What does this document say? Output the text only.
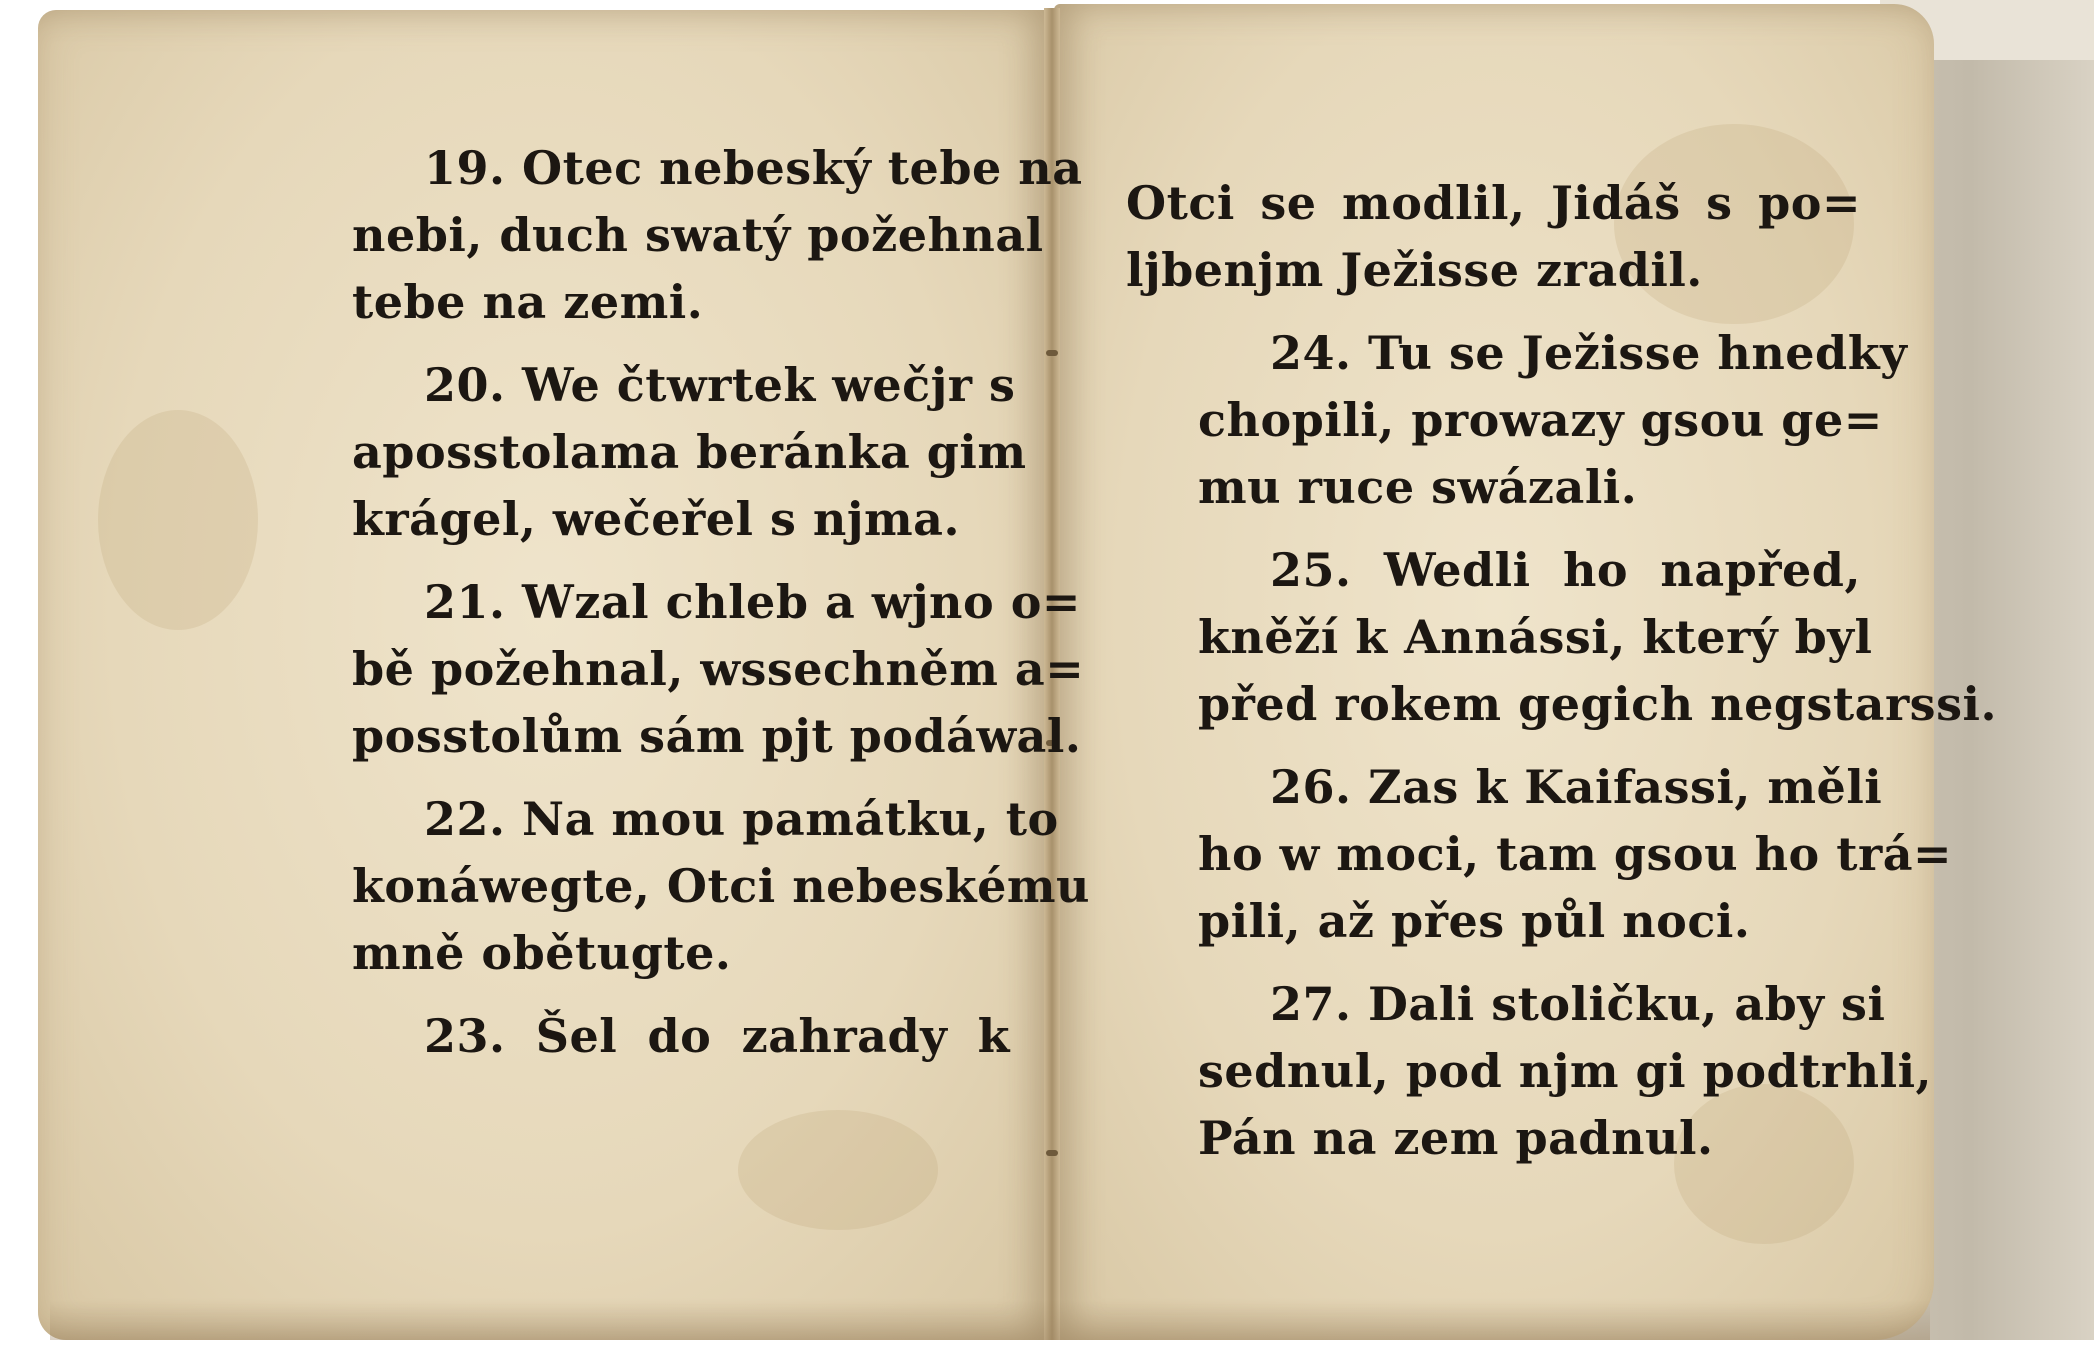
19. Otec nebeský tebe na
nebi, duch swatý požehnal
tebe na zemi.
20. We čtwrtek wečjr s
aposstolama beránka gim
krágel, wečeřel s njma.
21. Wzal chleb a wjno o=
bě požehnal, wssechněm a=
posstolům sám pjt podáwal.
22. Na mou památku, to
konáwegte, Otci nebeskému
mně obětugte.
23. Šel do zahrady k
Otci se modlil, Jidáš s po=
ljbenjm Ježisse zradil.
24. Tu se Ježisse hnedky
chopili, prowazy gsou ge=
mu ruce swázali.
25. Wedli ho napřed,
kněží k Annássi, který byl
před rokem gegich negstarssi.
26. Zas k Kaifassi, měli
ho w moci, tam gsou ho trá=
pili, až přes půl noci.
27. Dali stoličku, aby si
sednul, pod njm gi podtrhli,
Pán na zem padnul.
